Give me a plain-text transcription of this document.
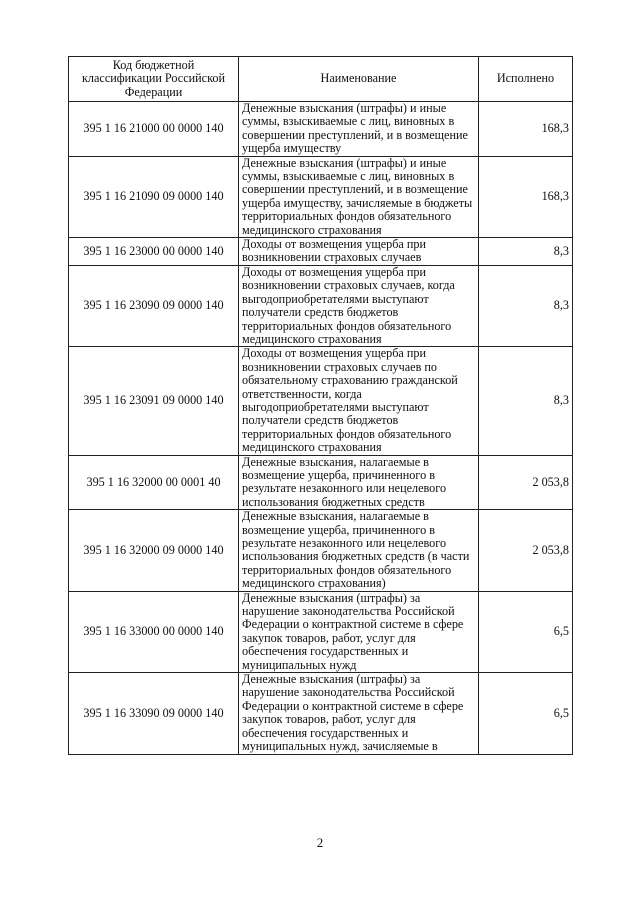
Код бюджетной классификации Российской Федерации	Наименование	Исполнено
395 1 16 21000 00 0000 140	Денежные взыскания (штрафы) и иные суммы, взыскиваемые с лиц, виновных в совершении преступлений, и в возмещение ущерба имуществу	168,3
395 1 16 21090 09 0000 140	Денежные взыскания (штрафы) и иные суммы, взыскиваемые с лиц, виновных в совершении преступлений, и в возмещение ущерба имуществу, зачисляемые в бюджеты территориальных фондов обязательного медицинского страхования	168,3
395 1 16 23000 00 0000 140	Доходы от возмещения ущерба при возникновении страховых случаев	8,3
395 1 16 23090 09 0000 140	Доходы от возмещения ущерба при возникновении страховых случаев, когда выгодоприобретателями выступают получатели средств бюджетов территориальных фондов обязательного медицинского страхования	8,3
395 1 16 23091 09 0000 140	Доходы от возмещения ущерба при возникновении страховых случаев по обязательному страхованию гражданской ответственности, когда выгодоприобретателями выступают получатели средств бюджетов территориальных фондов обязательного медицинского страхования	8,3
395 1 16 32000 00 0001 40	Денежные взыскания, налагаемые в возмещение ущерба, причиненного в результате незаконного или нецелевого использования бюджетных средств	2 053,8
395 1 16 32000 09 0000 140	Денежные взыскания, налагаемые в возмещение ущерба, причиненного в результате незаконного или нецелевого использования бюджетных средств (в части территориальных фондов обязательного медицинского страхования)	2 053,8
395 1 16 33000 00 0000 140	Денежные взыскания (штрафы) за нарушение законодательства Российской Федерации о контрактной системе в сфере закупок товаров, работ, услуг для обеспечения государственных и муниципальных нужд	6,5
395 1 16 33090 09 0000 140	Денежные взыскания (штрафы) за нарушение законодательства Российской Федерации о контрактной системе в сфере закупок товаров, работ, услуг для обеспечения государственных и муниципальных нужд, зачисляемые в	6,5
2
